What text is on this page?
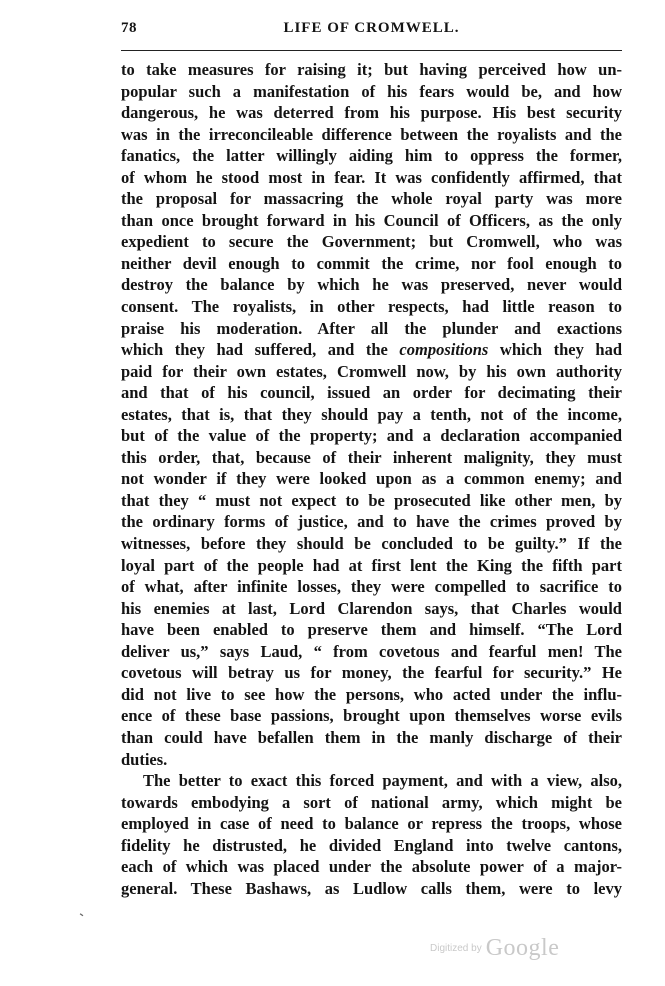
78	LIFE OF CROMWELL.
to take measures for raising it; but having perceived how un-
popular such a manifestation of his fears would be, and how
dangerous, he was deterred from his purpose. His best security
was in the irreconcileable difference between the royalists and the
fanatics, the latter willingly aiding him to oppress the former,
of whom he stood most in fear. It was confidently affirmed, that
the proposal for massacring the whole royal party was more
than once brought forward in his Council of Officers, as the only
expedient to secure the Government; but Cromwell, who was
neither devil enough to commit the crime, nor fool enough to
destroy the balance by which he was preserved, never would
consent. The royalists, in other respects, had little reason to
praise his moderation. After all the plunder and exactions
which they had suffered, and the compositions which they had
paid for their own estates, Cromwell now, by his own authority
and that of his council, issued an order for decimating their
estates, that is, that they should pay a tenth, not of the income,
but of the value of the property; and a declaration accompanied
this order, that, because of their inherent malignity, they must
not wonder if they were looked upon as a common enemy; and
that they “ must not expect to be prosecuted like other men, by
the ordinary forms of justice, and to have the crimes proved by
witnesses, before they should be concluded to be guilty.” If the
loyal part of the people had at first lent the King the fifth part
of what, after infinite losses, they were compelled to sacrifice to
his enemies at last, Lord Clarendon says, that Charles would
have been enabled to preserve them and himself. “The Lord
deliver us,” says Laud, “ from covetous and fearful men! The
covetous will betray us for money, the fearful for security.” He
did not live to see how the persons, who acted under the influ-
ence of these base passions, brought upon themselves worse evils
than could have befallen them in the manly discharge of their
duties.
The better to exact this forced payment, and with a view, also,
towards embodying a sort of national army, which might be
employed in case of need to balance or repress the troops, whose
fidelity he distrusted, he divided England into twelve cantons,
each of which was placed under the absolute power of a major-
general. These Bashaws, as Ludlow calls them, were to levy
⁃
Digitized by Google
